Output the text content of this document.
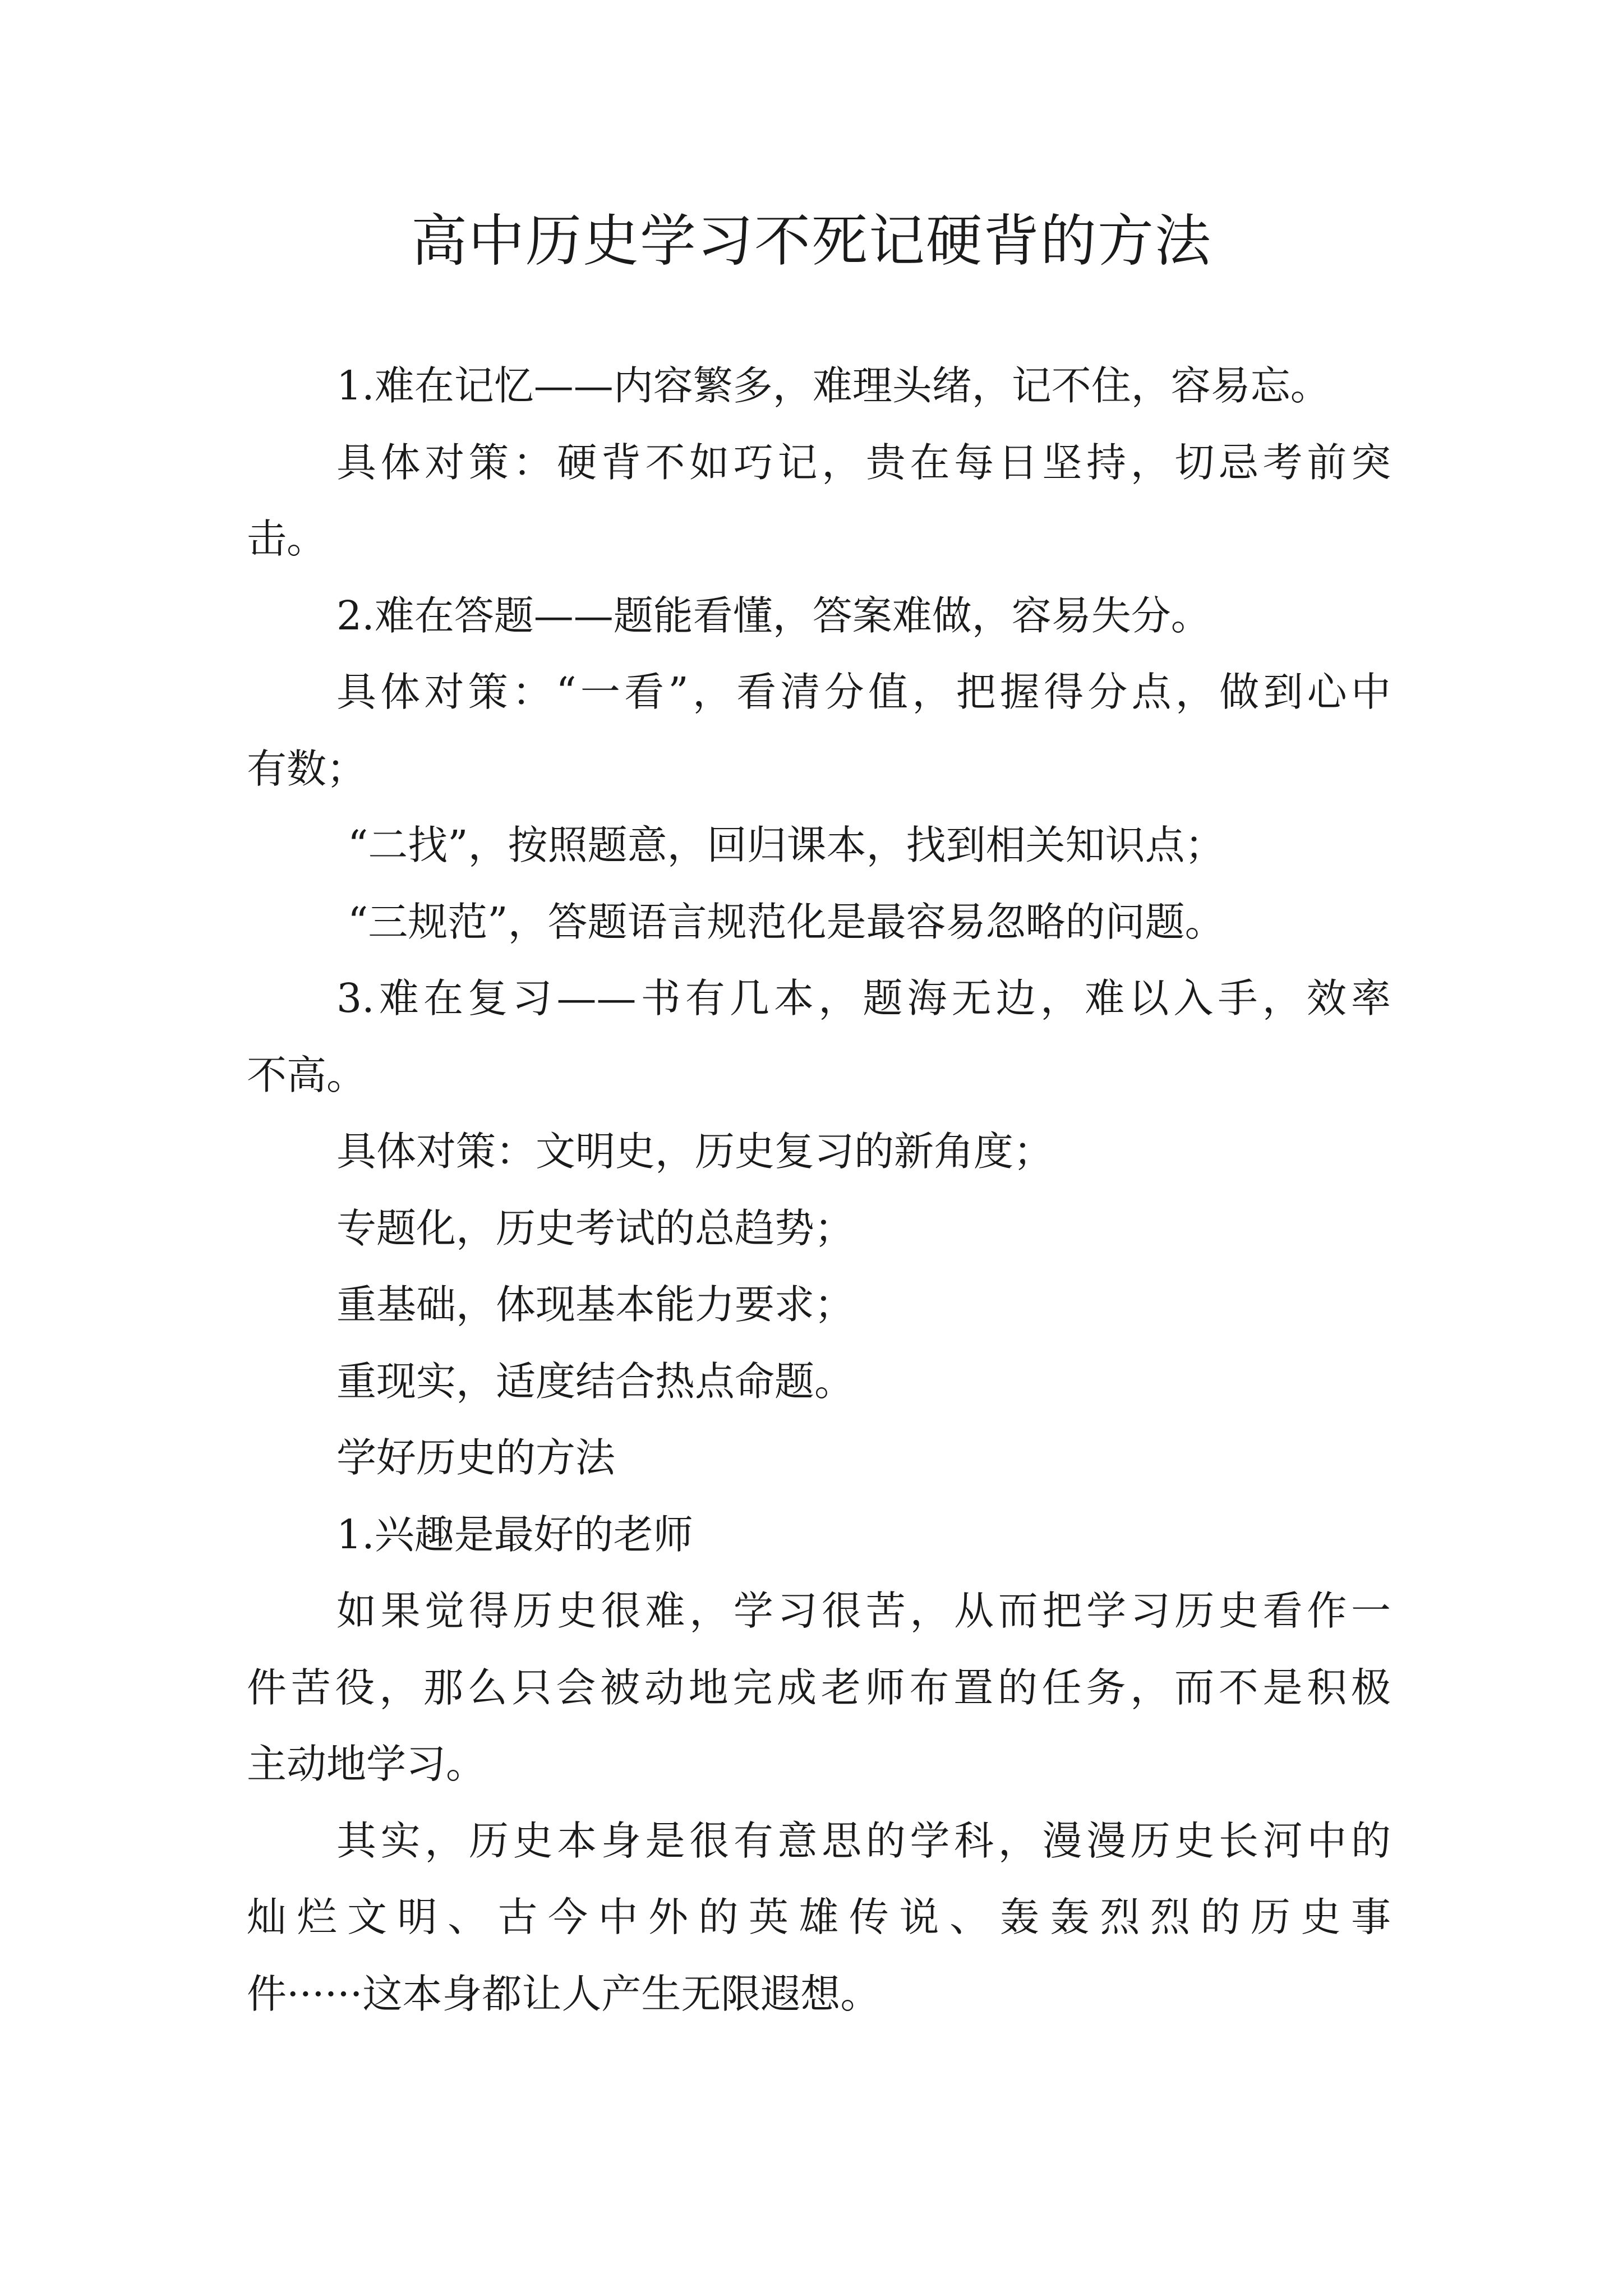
高中历史学习不死记硬背的方法
1.难在记忆——内容繁多，难理头绪，记不住，容易忘。
具体对策：硬背不如巧记，贵在每日坚持，切忌考前突
击。
2.难在答题——题能看懂，答案难做，容易失分。
具体对策：“一看”，看清分值，把握得分点，做到心中
有数；
“二找”，按照题意，回归课本，找到相关知识点；
“三规范”，答题语言规范化是最容易忽略的问题。
3.难在复习——书有几本，题海无边，难以入手，效率
不高。
具体对策：文明史，历史复习的新角度；
专题化，历史考试的总趋势；
重基础，体现基本能力要求；
重现实，适度结合热点命题。
学好历史的方法
1.兴趣是最好的老师
如果觉得历史很难，学习很苦，从而把学习历史看作一
件苦役，那么只会被动地完成老师布置的任务，而不是积极
主动地学习。
其实，历史本身是很有意思的学科，漫漫历史长河中的
灿烂文明、古今中外的英雄传说、轰轰烈烈的历史事
件······这本身都让人产生无限遐想。
